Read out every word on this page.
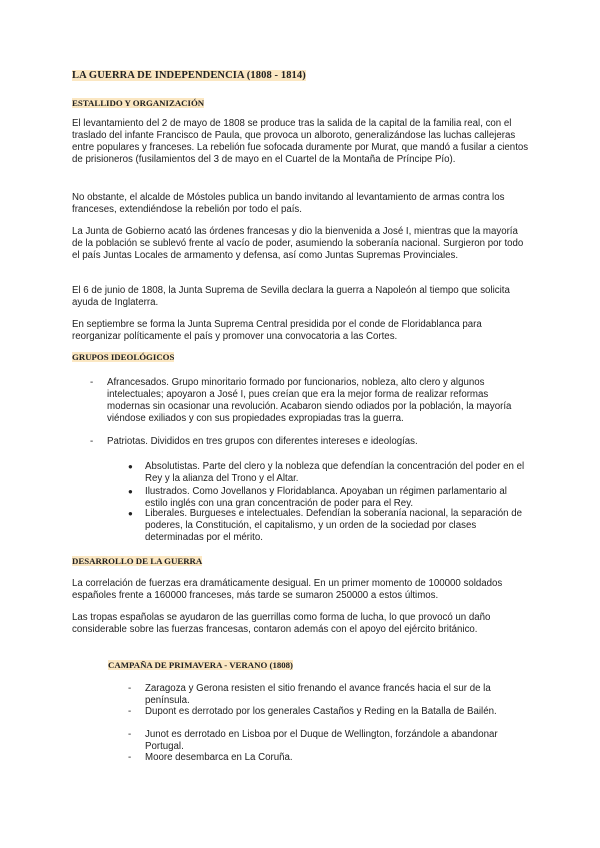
LA GUERRA DE INDEPENDENCIA (1808 - 1814)
ESTALLIDO Y ORGANIZACIÓN

El levantamiento del 2 de mayo de 1808 se produce tras la salida de la capital de la familia real, con el traslado del infante Francisco de Paula, que provoca un alboroto, generalizándose las luchas callejeras entre populares y franceses. La rebelión fue sofocada duramente por Murat, que mandó a fusilar a cientos de prisioneros (fusilamientos del 3 de mayo en el Cuartel de la Montaña de Príncipe Pío).

No obstante, el alcalde de Móstoles publica un bando invitando al levantamiento de armas contra los franceses, extendiéndose la rebelión por todo el país.

La Junta de Gobierno acató las órdenes francesas y dio la bienvenida a José I, mientras que la mayoría de la población se sublevó frente al vacío de poder, asumiendo la soberanía nacional. Surgieron por todo el país Juntas Locales de armamento y defensa, así como Juntas Supremas Provinciales.

El 6 de junio de 1808, la Junta Suprema de Sevilla declara la guerra a Napoleón al tiempo que solicita ayuda de Inglaterra.

En septiembre se forma la Junta Suprema Central presidida por el conde de Floridablanca para reorganizar políticamente el país y promover una convocatoria a las Cortes.

GRUPOS IDEOLÓGICOS
- Afrancesados. Grupo minoritario formado por funcionarios, nobleza, alto clero y algunos intelectuales; apoyaron a José I, pues creían que era la mejor forma de realizar reformas modernas sin ocasionar una revolución. Acabaron siendo odiados por la población, la mayoría viéndose exiliados y con sus propiedades expropiadas tras la guerra.
- Patriotas. Divididos en tres grupos con diferentes intereses e ideologías.
● Absolutistas. Parte del clero y la nobleza que defendían la concentración del poder en el Rey y la alianza del Trono y el Altar.
● Ilustrados. Como Jovellanos y Floridablanca. Apoyaban un régimen parlamentario al estilo inglés con una gran concentración de poder para el Rey.
● Liberales. Burgueses e intelectuales. Defendían la soberanía nacional, la separación de poderes, la Constitución, el capitalismo, y un orden de la sociedad por clases determinadas por el mérito.
DESARROLLO DE LA GUERRA

La correlación de fuerzas era dramáticamente desigual. En un primer momento de 100000 soldados españoles frente a 160000 franceses, más tarde se sumaron 250000 a estos últimos.

Las tropas españolas se ayudaron de las guerrillas como forma de lucha, lo que provocó un daño considerable sobre las fuerzas francesas, contaron además con el apoyo del ejército británico.

CAMPAÑA DE PRIMAVERA - VERANO (1808)
- Zaragoza y Gerona resisten el sitio frenando el avance francés hacia el sur de la península.
- Dupont es derrotado por los generales Castaños y Reding en la Batalla de Bailén.
- Junot es derrotado en Lisboa por el Duque de Wellington, forzándole a abandonar Portugal.
- Moore desembarca en La Coruña.
